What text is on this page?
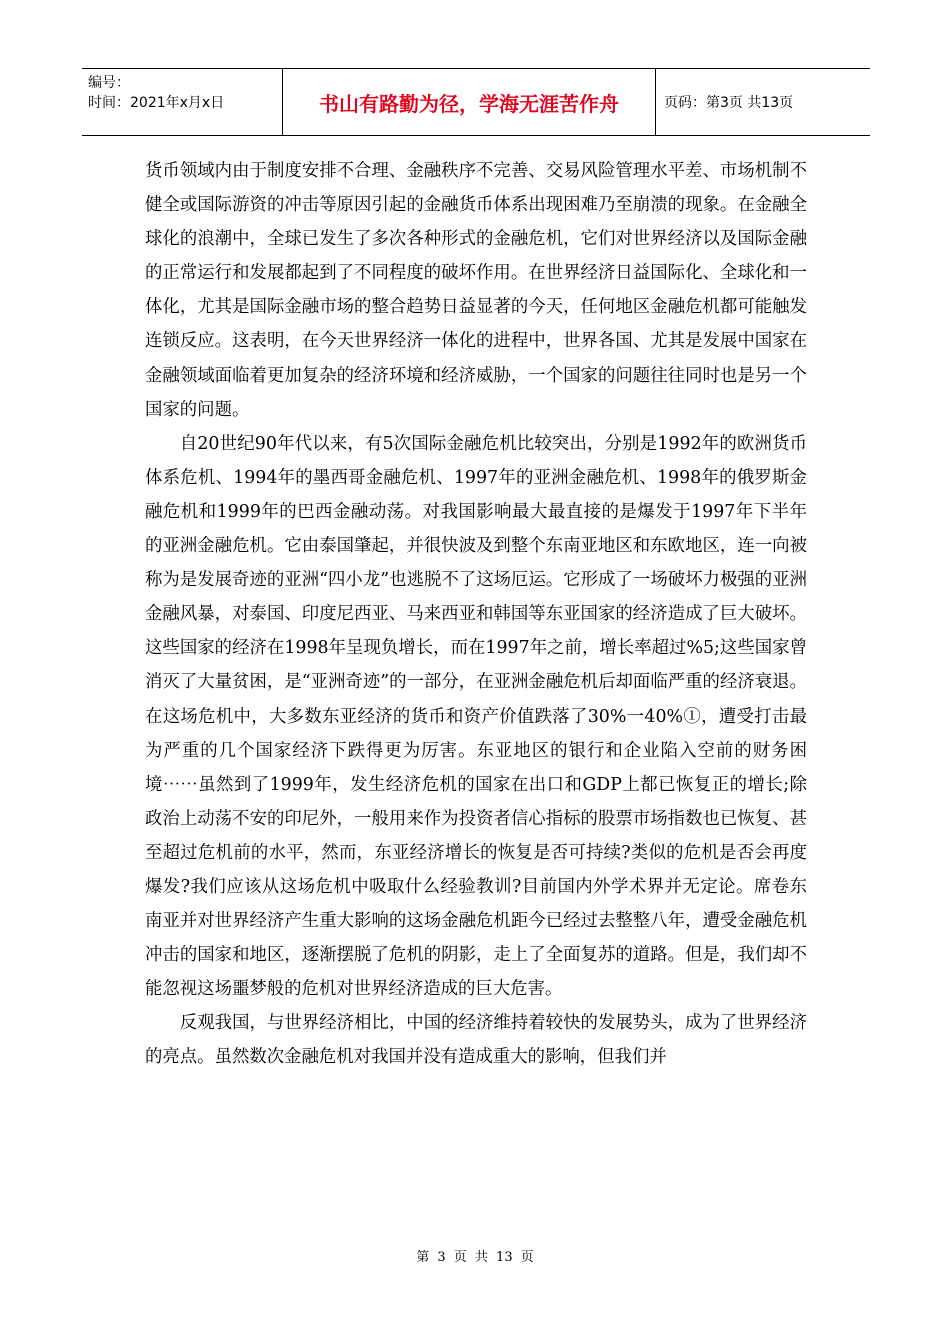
编号：
时间：2021年x月x日	书山有路勤为径，学海无涯苦作舟	页码：第3页 共13页

货币领域内由于制度安排不合理、金融秩序不完善、交易风险管理水平差、市场机制不健全或国际游资的冲击等原因引起的金融货币体系出现困难乃至崩溃的现象。在金融全球化的浪潮中，全球已发生了多次各种形式的金融危机，它们对世界经济以及国际金融的正常运行和发展都起到了不同程度的破坏作用。在世界经济日益国际化、全球化和一体化，尤其是国际金融市场的整合趋势日益显著的今天，任何地区金融危机都可能触发连锁反应。这表明，在今天世界经济一体化的进程中，世界各国、尤其是发展中国家在金融领域面临着更加复杂的经济环境和经济威胁，一个国家的问题往往同时也是另一个国家的问题。

自20世纪90年代以来，有5次国际金融危机比较突出，分别是1992年的欧洲货币体系危机、1994年的墨西哥金融危机、1997年的亚洲金融危机、1998年的俄罗斯金融危机和1999年的巴西金融动荡。对我国影响最大最直接的是爆发于1997年下半年的亚洲金融危机。它由泰国肇起，并很快波及到整个东南亚地区和东欧地区，连一向被称为是发展奇迹的亚洲“四小龙”也逃脱不了这场厄运。它形成了一场破坏力极强的亚洲金融风暴，对泰国、印度尼西亚、马来西亚和韩国等东亚国家的经济造成了巨大破坏。这些国家的经济在1998年呈现负增长，而在1997年之前，增长率超过%5;这些国家曾消灭了大量贫困，是“亚洲奇迹”的一部分，在亚洲金融危机后却面临严重的经济衰退。在这场危机中，大多数东亚经济的货币和资产价值跌落了30%一40%①，遭受打击最为严重的几个国家经济下跌得更为厉害。东亚地区的银行和企业陷入空前的财务困境⋯⋯虽然到了1999年，发生经济危机的国家在出口和GDP上都已恢复正的增长;除政治上动荡不安的印尼外，一般用来作为投资者信心指标的股票市场指数也已恢复、甚至超过危机前的水平，然而，东亚经济增长的恢复是否可持续?类似的危机是否会再度爆发?我们应该从这场危机中吸取什么经验教训?目前国内外学术界并无定论。席卷东南亚并对世界经济产生重大影响的这场金融危机距今已经过去整整八年，遭受金融危机冲击的国家和地区，逐渐摆脱了危机的阴影，走上了全面复苏的道路。但是，我们却不能忽视这场噩梦般的危机对世界经济造成的巨大危害。

反观我国，与世界经济相比，中国的经济维持着较快的发展势头，成为了世界经济的亮点。虽然数次金融危机对我国并没有造成重大的影响，但我们并

第 3 页 共 13 页
